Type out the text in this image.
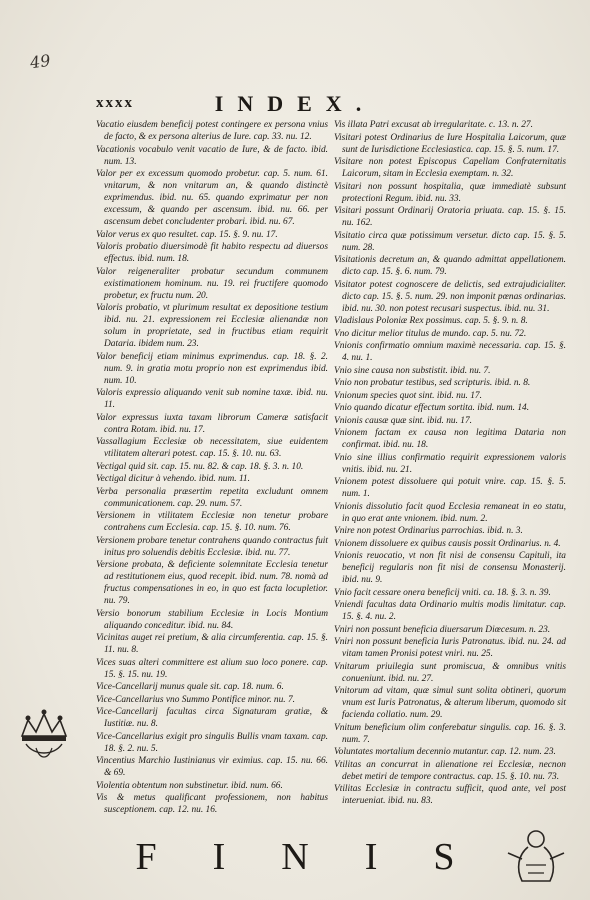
49
xxxx	INDEX.
Vacatio eiusdem beneficij potest contingere ex persona vnius de facto, & ex persona alterius de Iure. cap. 33. nu. 12.
Vacationis vocabulo venit vacatio de Iure, & de facto. ibid. num. 13.
Valor per ex excessum quomodo probetur. cap. 5. num. 61. vnitarum, & non vnitarum an, & quando distinctè exprimendus. ibid. nu. 65. quando exprimatur per non excessum, & quando per ascensum. ibid. nu. 66. per ascensum debet concludenter probari. ibid. nu. 67.
Valor verus ex quo resultet. cap. 15. §. 9. nu. 17.
Valoris probatio diuersimodè fit habito respectu ad diuersos effectus. ibid. num. 18.
Valor reigeneraliter probatur secundum communem existimationem hominum. nu. 19. rei fructifere quomodo probetur, ex fructu num. 20.
Valoris probatio, vt plurimum resultat ex depositione testium ibid. nu. 21. expressionem rei Ecclesiæ alienandæ non solum in proprietate, sed in fructibus etiam requirit Dataria. ibidem num. 23.
Valor beneficij etiam minimus exprimendus. cap. 18. §. 2. num. 9. in gratia motu proprio non est exprimendus ibid. num. 10.
Valoris expressio aliquando venit sub nomine taxæ. ibid. nu. 11.
Valor expressus iuxta taxam librorum Cameræ satisfacit contra Rotam. ibid. nu. 17.
Vassallagium Ecclesiæ ob necessitatem, siue euidentem vtilitatem alterari potest. cap. 15. §. 10. nu. 63.
Vectigal quid sit. cap. 15. nu. 82. & cap. 18. §. 3. n. 10.
Vectigal dicitur à vehendo. ibid. num. 11.
Verba personalia præsertim repetita excludunt omnem communicationem. cap. 29. num. 57.
Versionem in vtilitatem Ecclesiæ non tenetur probare contrahens cum Ecclesia. cap. 15. §. 10. num. 76.
Versionem probare tenetur contrahens quando contractus fuit initus pro soluendis debitis Ecclesiæ. ibid. nu. 77.
Versione probata, & deficiente solemnitate Ecclesia tenetur ad restitutionem eius, quod recepit. ibid. num. 78. nomà ad fructus compensationes in eo, in quo est facta locupletior. nu. 79.
Versio bonorum stabilium Ecclesiæ in Locis Montium aliquando conceditur. ibid. nu. 84.
Vicinitas auget rei pretium, & alia circumferentia. cap. 15. §. 11. nu. 8.
Vices suas alteri committere est alium suo loco ponere. cap. 15. §. 15. nu. 19.
Vice-Cancellarij munus quale sit. cap. 18. num. 6.
Vice-Cancellarius vno Summo Pontifice minor. nu. 7.
Vice-Cancellarij facultas circa Signaturam gratiæ, & Iustitiæ. nu. 8.
Vice-Cancellarius exigit pro singulis Bullis vnam taxam. cap. 18. §. 2. nu. 5.
Vincentius Marchio Iustinianus vir eximius. cap. 15. nu. 66. & 69.
Violentia obtentum non substinetur. ibid. num. 66.
Vis & metus qualificant professionem, non habitus susceptionem. cap. 12. nu. 16.
Vis illata Patri excusat ab irregularitate. c. 13. n. 27.
Visitari potest Ordinarius de Iure Hospitalia Laicorum, quæ sunt de Iurisdictione Ecclesiastica. cap. 15. §. 5. num. 17.
Visitare non potest Episcopus Capellam Confraternitatis Laicorum, sitam in Ecclesia exemptam. n. 32.
Visitari non possunt hospitalia, quæ immediatè subsunt protectioni Regum. ibid. nu. 33.
Visitari possunt Ordinarij Oratoria priuata. cap. 15. §. 15. nu. 162.
Visitatio circa quæ potissimum versetur. dicto cap. 15. §. 5. num. 28.
Visitationis decretum an, & quando admittat appellationem. dicto cap. 15. §. 6. num. 79.
Visitator potest cognoscere de delictis, sed extrajudicialiter. dicto cap. 15. §. 5. num. 29. non imponit pœnas ordinarias. ibid. nu. 30. non potest recusari suspectus. ibid. nu. 31.
Vladislaus Poloniæ Rex possimus. cap. 5. §. 9. n. 8.
Vno dicitur melior titulus de mundo. cap. 5. nu. 72.
Vnionis confirmatio omnium maximè necessaria. cap. 15. §. 4. nu. 1.
Vnio sine causa non substistit. ibid. nu. 7.
Vnio non probatur testibus, sed scripturis. ibid. n. 8.
Vnionum species quot sint. ibid. nu. 17.
Vnio quando dicatur effectum sortita. ibid. num. 14.
Vnionis causæ quæ sint. ibid. nu. 17.
Vnionem factam ex causa non legitima Dataria non confirmat. ibid. nu. 18.
Vnio sine illius confirmatio requirit expressionem valoris vnitis. ibid. nu. 21.
Vnionem potest dissoluere qui potuit vnire. cap. 15. §. 5. num. 1.
Vnionis dissolutio facit quod Ecclesia remaneat in eo statu, in quo erat ante vnionem. ibid. num. 2.
Vnire non potest Ordinarius parrochias. ibid. n. 3.
Vnionem dissoluere ex quibus causis possit Ordinarius. n. 4.
Vnionis reuocatio, vt non fit nisi de consensu Capituli, ita beneficij regularis non fit nisi de consensu Monasterij. ibid. nu. 9.
Vnio facit cessare onera beneficij vniti. ca. 18. §. 3. n. 39.
Vniendi facultas data Ordinario multis modis limitatur. cap. 15. §. 4. nu. 2.
Vniri non possunt beneficia diuersarum Diœcesum. n. 23.
Vniri non possunt beneficia Iuris Patronatus. ibid. nu. 24. ad vitam tamen Pronisi potest vniri. nu. 25.
Vnitarum priuilegia sunt promiscua, & omnibus vnitis conueniunt. ibid. nu. 27.
Vnitorum ad vitam, quæ simul sunt solita obtineri, quorum vnum est Iuris Patronatus, & alterum liberum, quomodo sit facienda collatio. num. 29.
Vnitum beneficium olim conferebatur singulis. cap. 16. §. 3. num. 7.
Voluntates mortalium decennio mutantur. cap. 12. num. 23.
Vtilitas an concurrat in alienatione rei Ecclesiæ, necnon debet metiri de tempore contractus. cap. 15. §. 10. nu. 73.
Vtilitas Ecclesiæ in contractu sufficit, quod ante, vel post interueniat. ibid. nu. 83.
FINIS
